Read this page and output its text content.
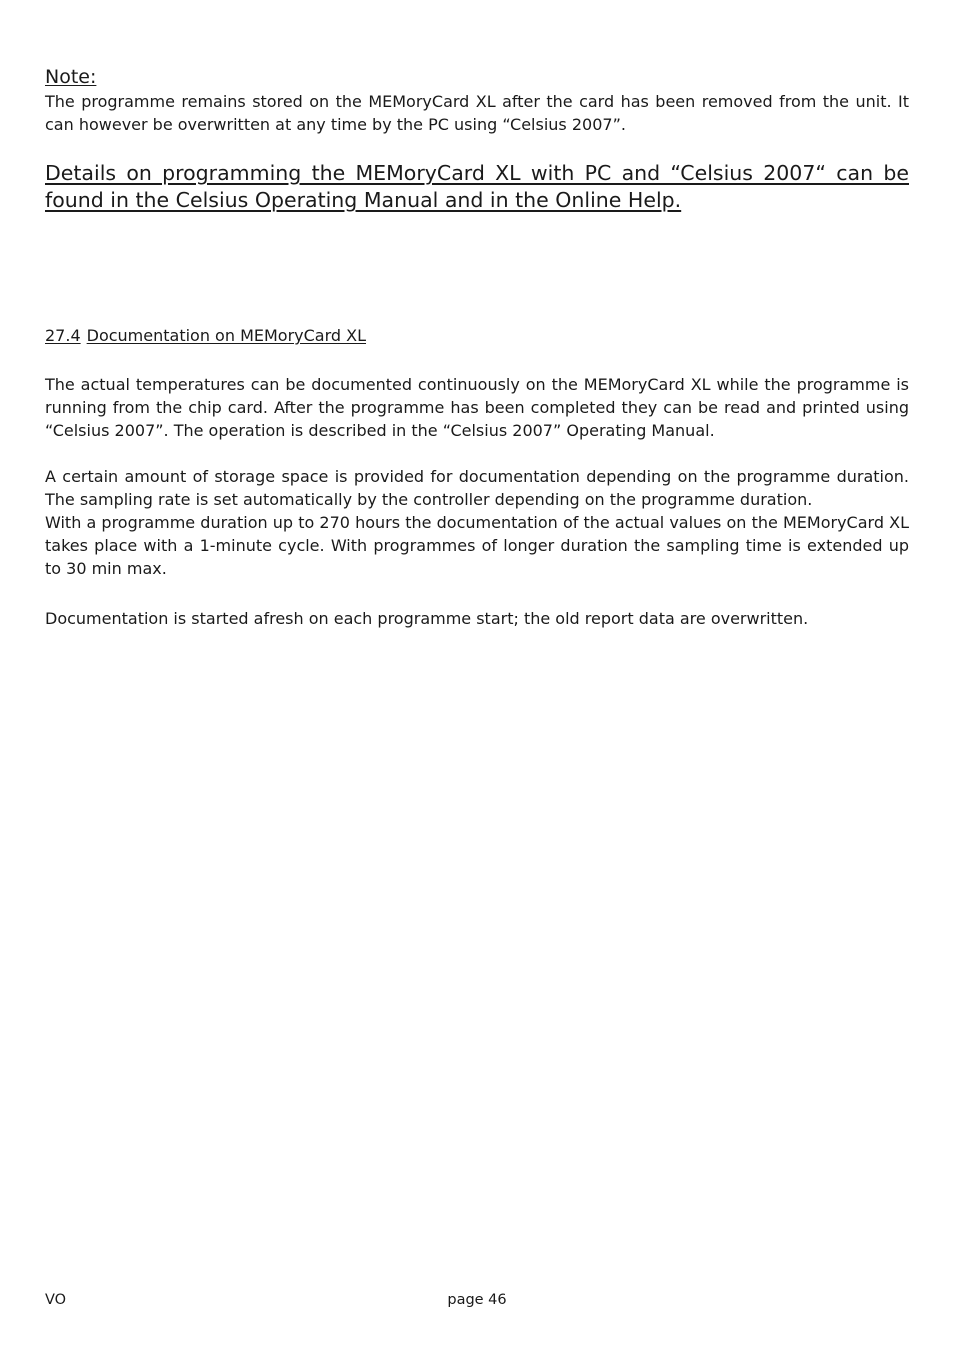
Note:

The programme remains stored on the MEMoryCard XL after the card has been removed from the unit. It can however be overwritten at any time by the PC using “Celsius 2007”.

Details on programming the MEMoryCard XL with PC and “Celsius 2007“ can be found in the Celsius Operating Manual and in the Online Help.

27.4 Documentation on MEMoryCard XL

The actual temperatures can be documented continuously on the MEMoryCard XL while the programme is running from the chip card. After the programme has been completed they can be read and printed using “Celsius 2007”. The operation is described in the “Celsius 2007” Operating Manual.

A certain amount of storage space is provided for documentation depending on the programme duration. The sampling rate is set automatically by the controller depending on the programme duration.

With a programme duration up to 270 hours the documentation of the actual values on the MEMoryCard XL takes place with a 1-minute cycle. With programmes of longer duration the sampling time is extended up to 30 min max.

Documentation is started afresh on each programme start; the old report data are overwritten.

VO	page 46
